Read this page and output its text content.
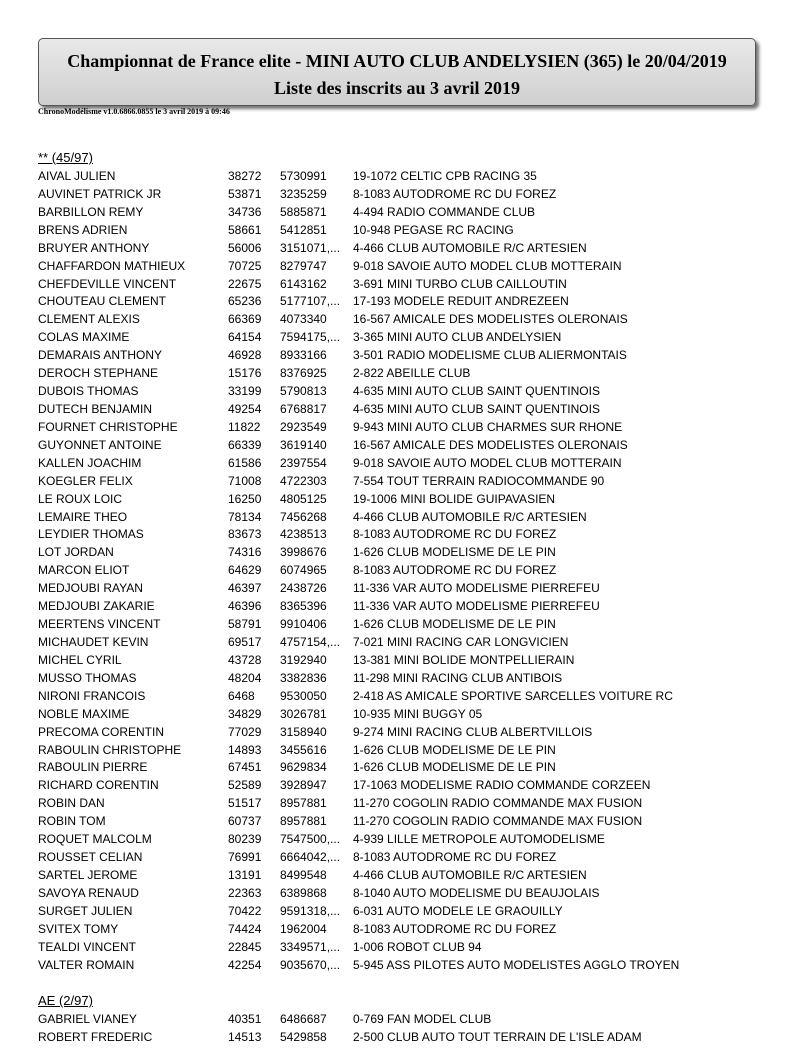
Championnat de France elite - MINI AUTO CLUB ANDELYSIEN (365) le 20/04/2019
Liste des inscrits au 3 avril 2019
ChronoModélisme v1.0.6866.0855 le 3 avril 2019 à 09:46
** (45/97)
AIVAL JULIEN	38272 5730991 19-1072 CELTIC CPB RACING 35
AUVINET PATRICK JR	53871 3235259 8-1083 AUTODROME RC DU FOREZ
BARBILLON REMY	34736 5885871 4-494 RADIO COMMANDE CLUB
BRENS ADRIEN	58661 5412851 10-948 PEGASE RC RACING
BRUYER ANTHONY	56006 3151071,... 4-466 CLUB AUTOMOBILE R/C ARTESIEN
CHAFFARDON MATHIEUX	70725 8279747 9-018 SAVOIE AUTO MODEL CLUB MOTTERAIN
CHEFDEVILLE VINCENT	22675 6143162 3-691 MINI TURBO CLUB CAILLOUTIN
CHOUTEAU CLEMENT	65236 5177107,... 17-193 MODELE REDUIT ANDREZEEN
CLEMENT ALEXIS	66369 4073340 16-567 AMICALE DES MODELISTES OLERONAIS
COLAS MAXIME	64154 7594175,... 3-365 MINI AUTO CLUB ANDELYSIEN
DEMARAIS ANTHONY	46928 8933166 3-501 RADIO MODELISME CLUB ALIERMONTAIS
DEROCH STEPHANE	15176 8376925 2-822 ABEILLE CLUB
DUBOIS THOMAS	33199 5790813 4-635 MINI AUTO CLUB SAINT QUENTINOIS
DUTECH BENJAMIN	49254 6768817 4-635 MINI AUTO CLUB SAINT QUENTINOIS
FOURNET CHRISTOPHE	11822 2923549 9-943 MINI AUTO CLUB CHARMES SUR RHONE
GUYONNET ANTOINE	66339 3619140 16-567 AMICALE DES MODELISTES OLERONAIS
KALLEN JOACHIM	61586 2397554 9-018 SAVOIE AUTO MODEL CLUB MOTTERAIN
KOEGLER FELIX	71008 4722303 7-554 TOUT TERRAIN RADIOCOMMANDE 90
LE ROUX LOIC	16250 4805125 19-1006 MINI BOLIDE GUIPAVASIEN
LEMAIRE THEO	78134 7456268 4-466 CLUB AUTOMOBILE R/C ARTESIEN
LEYDIER THOMAS	83673 4238513 8-1083 AUTODROME RC DU FOREZ
LOT JORDAN	74316 3998676 1-626 CLUB MODELISME DE LE PIN
MARCON ELIOT	64629 6074965 8-1083 AUTODROME RC DU FOREZ
MEDJOUBI RAYAN	46397 2438726 11-336 VAR AUTO MODELISME PIERREFEU
MEDJOUBI ZAKARIE	46396 8365396 11-336 VAR AUTO MODELISME PIERREFEU
MEERTENS VINCENT	58791 9910406 1-626 CLUB MODELISME DE LE PIN
MICHAUDET KEVIN	69517 4757154,... 7-021 MINI RACING CAR LONGVICIEN
MICHEL CYRIL	43728 3192940 13-381 MINI BOLIDE MONTPELLIERAIN
MUSSO THOMAS	48204 3382836 11-298 MINI RACING CLUB ANTIBOIS
NIRONI FRANCOIS	6468 9530050 2-418 AS AMICALE SPORTIVE SARCELLES VOITURE RC
NOBLE MAXIME	34829 3026781 10-935 MINI BUGGY 05
PRECOMA CORENTIN	77029 3158940 9-274 MINI RACING CLUB ALBERTVILLOIS
RABOULIN CHRISTOPHE	14893 3455616 1-626 CLUB MODELISME DE LE PIN
RABOULIN PIERRE	67451 9629834 1-626 CLUB MODELISME DE LE PIN
RICHARD CORENTIN	52589 3928947 17-1063 MODELISME RADIO COMMANDE CORZEEN
ROBIN DAN	51517 8957881 11-270 COGOLIN RADIO COMMANDE MAX FUSION
ROBIN TOM	60737 8957881 11-270 COGOLIN RADIO COMMANDE MAX FUSION
ROQUET MALCOLM	80239 7547500,... 4-939 LILLE METROPOLE AUTOMODELISME
ROUSSET CELIAN	76991 6664042,... 8-1083 AUTODROME RC DU FOREZ
SARTEL JEROME	13191 8499548 4-466 CLUB AUTOMOBILE R/C ARTESIEN
SAVOYA RENAUD	22363 6389868 8-1040 AUTO MODELISME DU BEAUJOLAIS
SURGET JULIEN	70422 9591318,... 6-031 AUTO MODELE LE GRAOUILLY
SVITEX TOMY	74424 1962004 8-1083 AUTODROME RC DU FOREZ
TEALDI VINCENT	22845 3349571,... 1-006 ROBOT CLUB 94
VALTER ROMAIN	42254 9035670,... 5-945 ASS PILOTES AUTO MODELISTES AGGLO TROYEN
AE (2/97)
GABRIEL VIANEY	40351 6486687 0-769 FAN MODEL CLUB
ROBERT FREDERIC	14513 5429858 2-500 CLUB AUTO TOUT TERRAIN DE L'ISLE ADAM
